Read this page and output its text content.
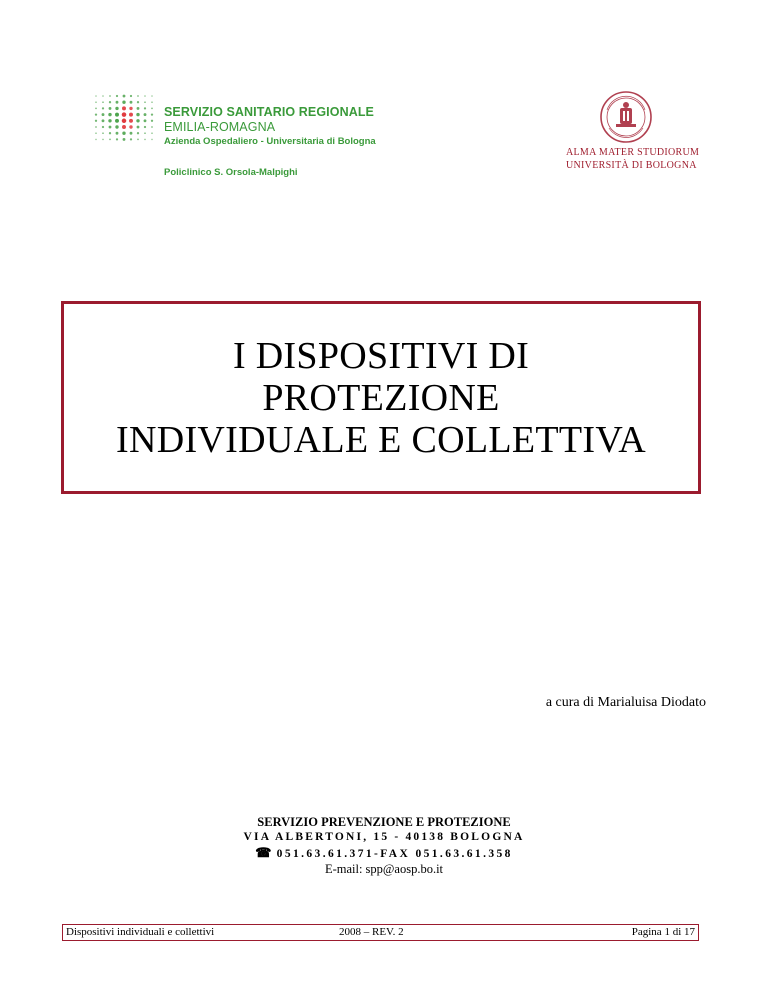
SERVIZIO SANITARIO REGIONALE
EMILIA-ROMAGNA
Azienda Ospedaliero - Universitaria di Bologna
Policlinico S. Orsola-Malpighi
ALMA MATER STUDIORUM
UNIVERSITÀ DI BOLOGNA
I DISPOSITIVI DI
PROTEZIONE
INDIVIDUALE E COLLETTIVA
a cura di Marialuisa Diodato
SERVIZIO PREVENZIONE E PROTEZIONE
VIA ALBERTONI, 15 - 40138 BOLOGNA
☎ 051.63.61.371-FAX 051.63.61.358
E-mail: spp@aosp.bo.it
Dispositivi individuali e collettivi	2008 – REV. 2	Pagina 1 di 17
